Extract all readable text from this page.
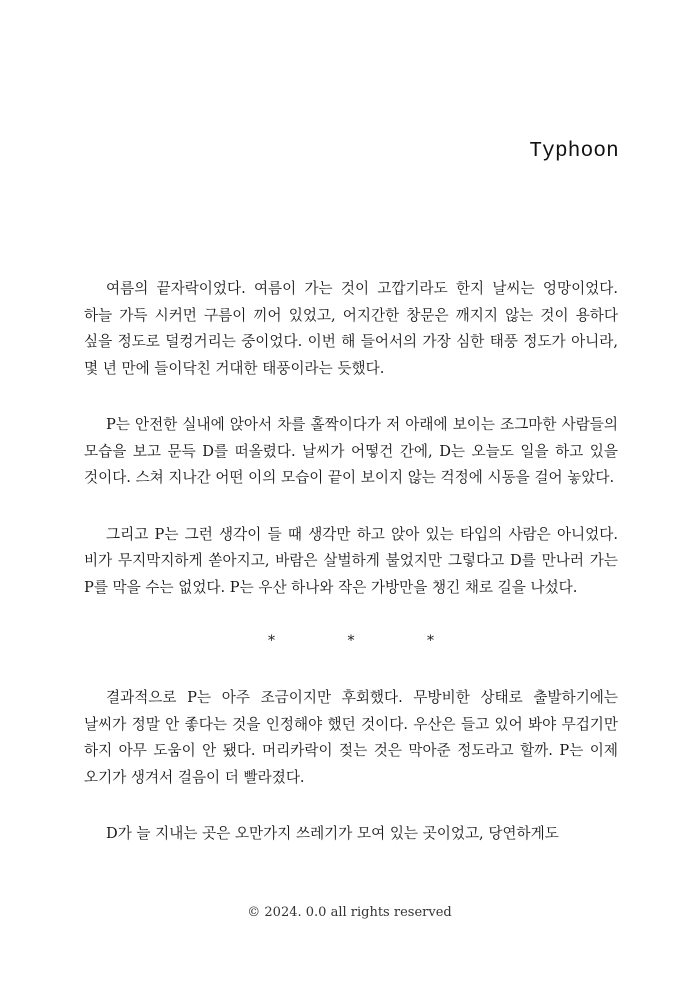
Typhoon

여름의 끝자락이었다. 여름이 가는 것이 고깝기라도 한지 날씨는 엉망이었다. 하늘 가득 시커먼 구름이 끼어 있었고, 어지간한 창문은 깨지지 않는 것이 용하다 싶을 정도로 덜컹거리는 중이었다. 이번 해 들어서의 가장 심한 태풍 정도가 아니라, 몇 년 만에 들이닥친 거대한 태풍이라는 듯했다.

P는 안전한 실내에 앉아서 차를 홀짝이다가 저 아래에 보이는 조그마한 사람들의 모습을 보고 문득 D를 떠올렸다. 날씨가 어떻건 간에, D는 오늘도 일을 하고 있을 것이다. 스쳐 지나간 어떤 이의 모습이 끝이 보이지 않는 걱정에 시동을 걸어 놓았다.

그리고 P는 그런 생각이 들 때 생각만 하고 앉아 있는 타입의 사람은 아니었다. 비가 무지막지하게 쏟아지고, 바람은 살벌하게 불었지만 그렇다고 D를 만나러 가는 P를 막을 수는 없었다. P는 우산 하나와 작은 가방만을 챙긴 채로 길을 나섰다.

* * *

결과적으로 P는 아주 조금이지만 후회했다. 무방비한 상태로 출발하기에는 날씨가 정말 안 좋다는 것을 인정해야 했던 것이다. 우산은 들고 있어 봐야 무겁기만 하지 아무 도움이 안 됐다. 머리카락이 젖는 것은 막아준 정도라고 할까. P는 이제 오기가 생겨서 걸음이 더 빨라졌다.

D가 늘 지내는 곳은 오만가지 쓰레기가 모여 있는 곳이었고, 당연하게도

© 2024. 0.0 all rights reserved
